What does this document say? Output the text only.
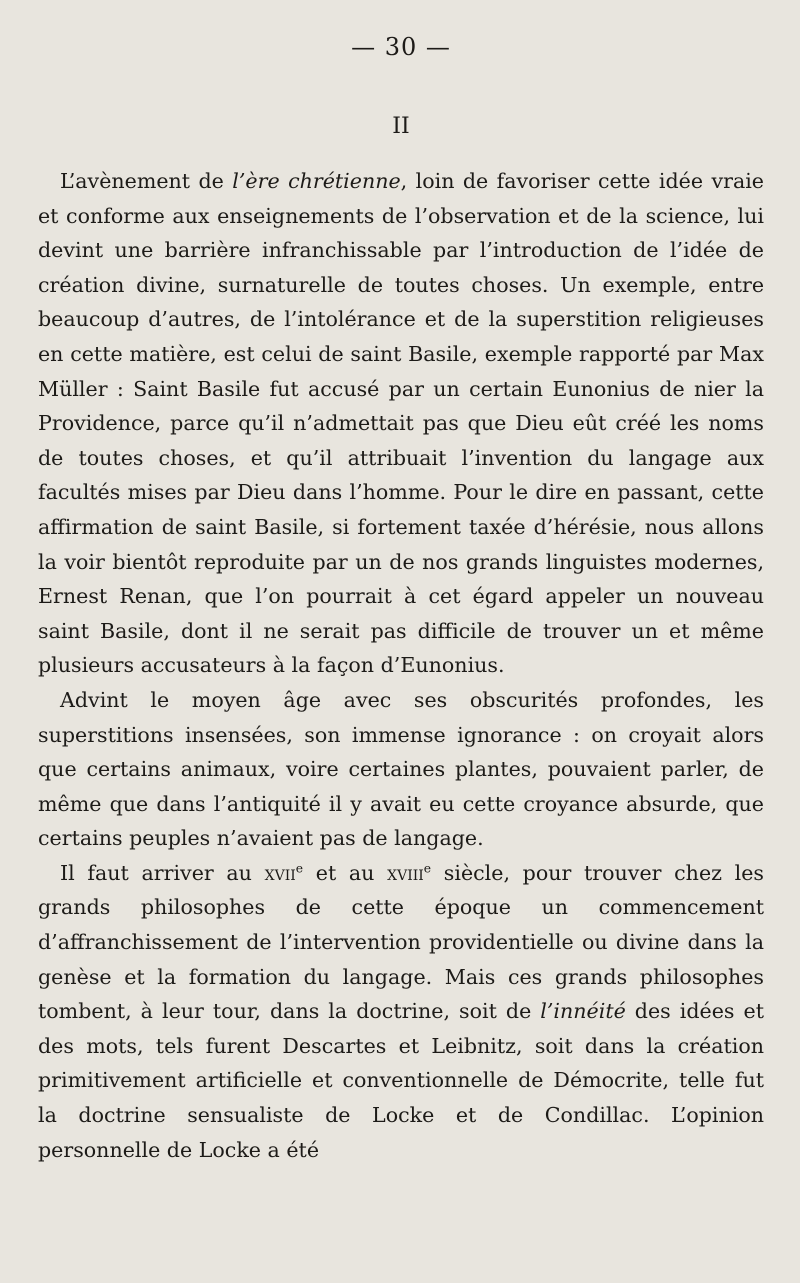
— 30 —
II

L’avènement de l’ère chrétienne, loin de favoriser cette idée vraie et conforme aux enseignements de l’observation et de la science, lui devint une barrière infranchissable par l’introduction de l’idée de création divine, surnaturelle de toutes choses. Un exemple, entre beaucoup d’autres, de l’intolérance et de la superstition religieuses en cette matière, est celui de saint Basile, exemple rapporté par Max Müller : Saint Basile fut accusé par un certain Eunonius de nier la Providence, parce qu’il n’admettait pas que Dieu eût créé les noms de toutes choses, et qu’il attribuait l’invention du langage aux facultés mises par Dieu dans l’homme. Pour le dire en passant, cette affirmation de saint Basile, si fortement taxée d’hérésie, nous allons la voir bientôt reproduite par un de nos grands linguistes modernes, Ernest Renan, que l’on pourrait à cet égard appeler un nouveau saint Basile, dont il ne serait pas difficile de trouver un et même plusieurs accusateurs à la façon d’Eunonius.

Advint le moyen âge avec ses obscurités profondes, les superstitions insensées, son immense ignorance : on croyait alors que certains animaux, voire certaines plantes, pouvaient parler, de même que dans l’antiquité il y avait eu cette croyance absurde, que certains peuples n’avaient pas de langage.

Il faut arriver au xvii$^e$ et au xviii$^e$ siècle, pour trouver chez les grands philosophes de cette époque un commencement d’affranchissement de l’intervention providentielle ou divine dans la genèse et la formation du langage. Mais ces grands philosophes tombent, à leur tour, dans la doctrine, soit de l’innéité des idées et des mots, tels furent Descartes et Leibnitz, soit dans la création primitivement artificielle et conventionnelle de Démocrite, telle fut la doctrine sensualiste de Locke et de Condillac. L’opinion personnelle de Locke a été
